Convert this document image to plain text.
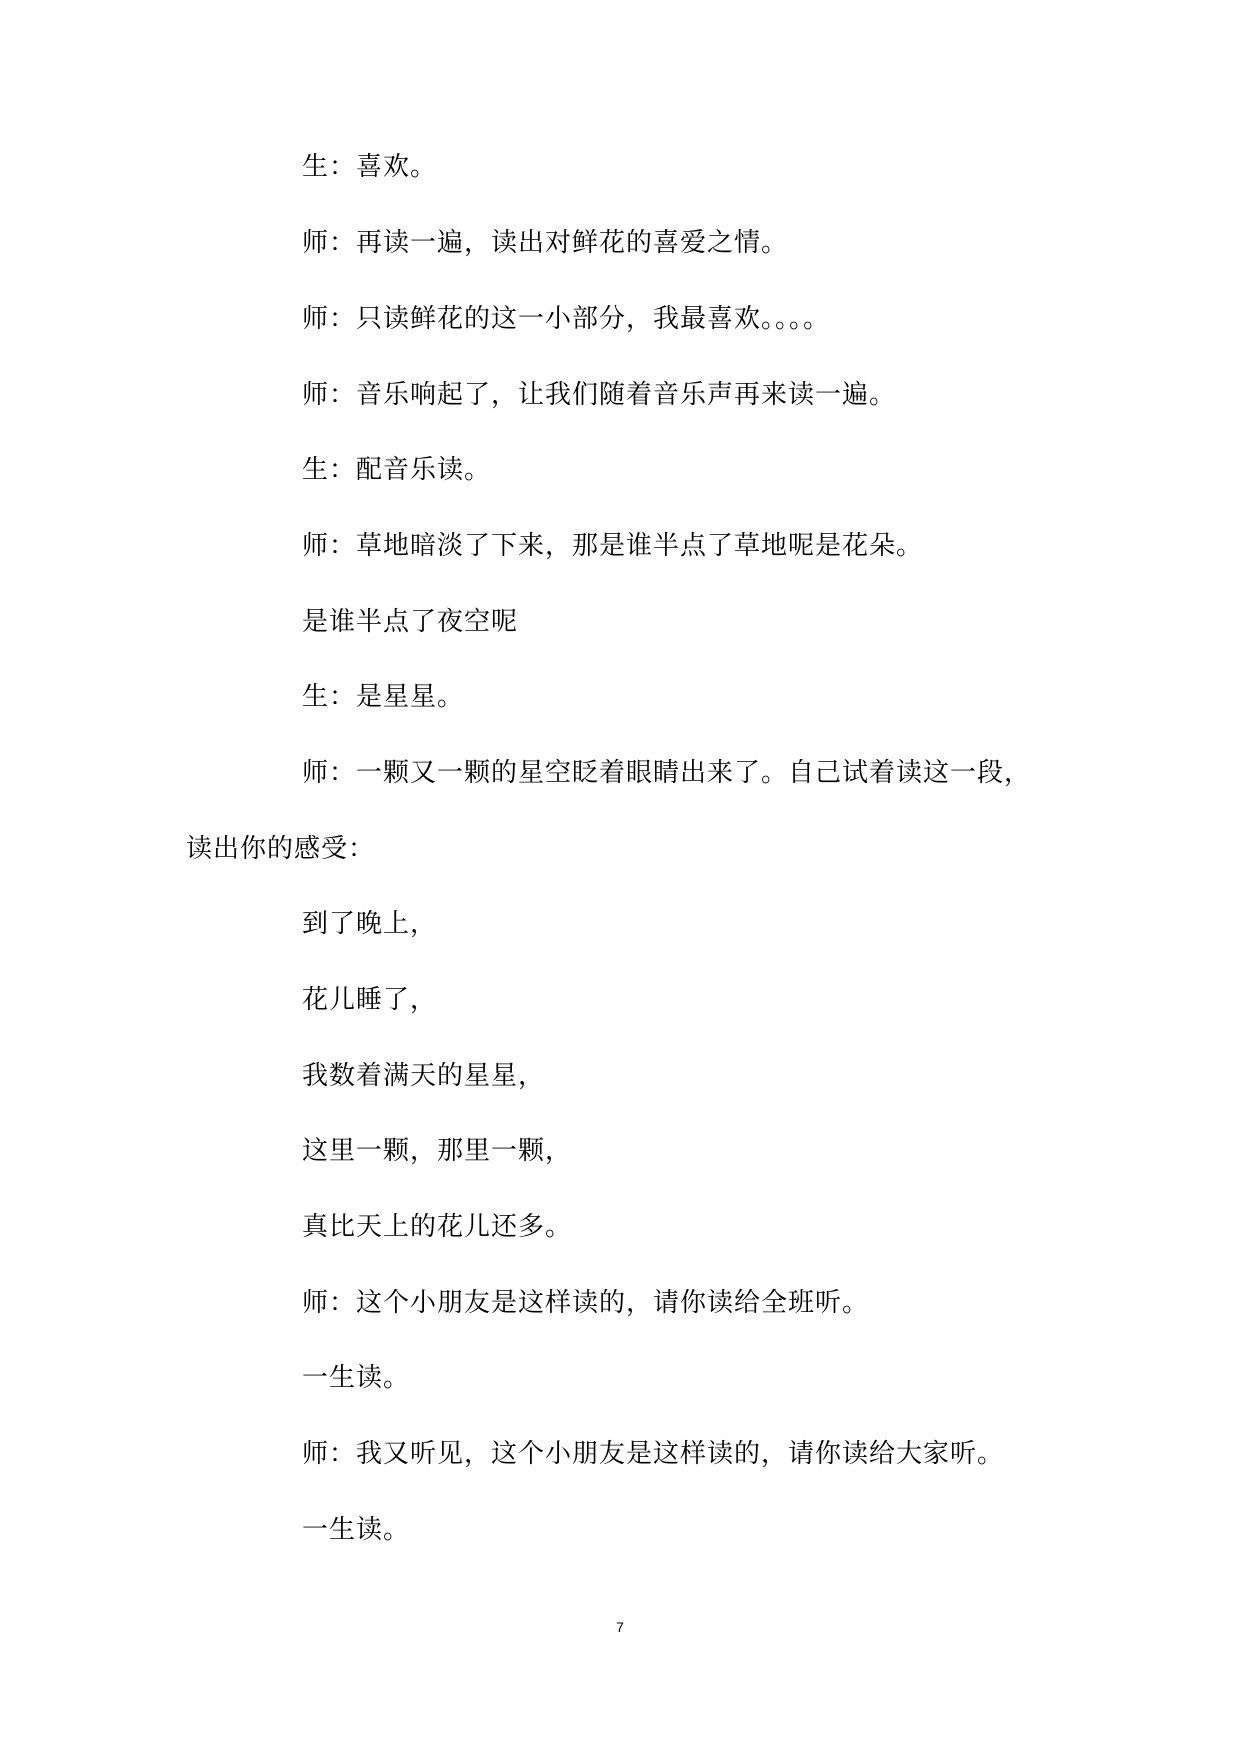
生：喜欢。
师：再读一遍，读出对鲜花的喜爱之情。
师：只读鲜花的这一小部分，我最喜欢。。。。
师：音乐响起了，让我们随着音乐声再来读一遍。
生：配音乐读。
师：草地暗淡了下来，那是谁半点了草地呢是花朵。
是谁半点了夜空呢
生：是星星。
师：一颗又一颗的星空眨着眼睛出来了。自己试着读这一段，
读出你的感受：
到了晚上，
花儿睡了，
我数着满天的星星，
这里一颗，那里一颗，
真比天上的花儿还多。
师：这个小朋友是这样读的，请你读给全班听。
一生读。
师：我又听见，这个小朋友是这样读的，请你读给大家听。
一生读。
7
